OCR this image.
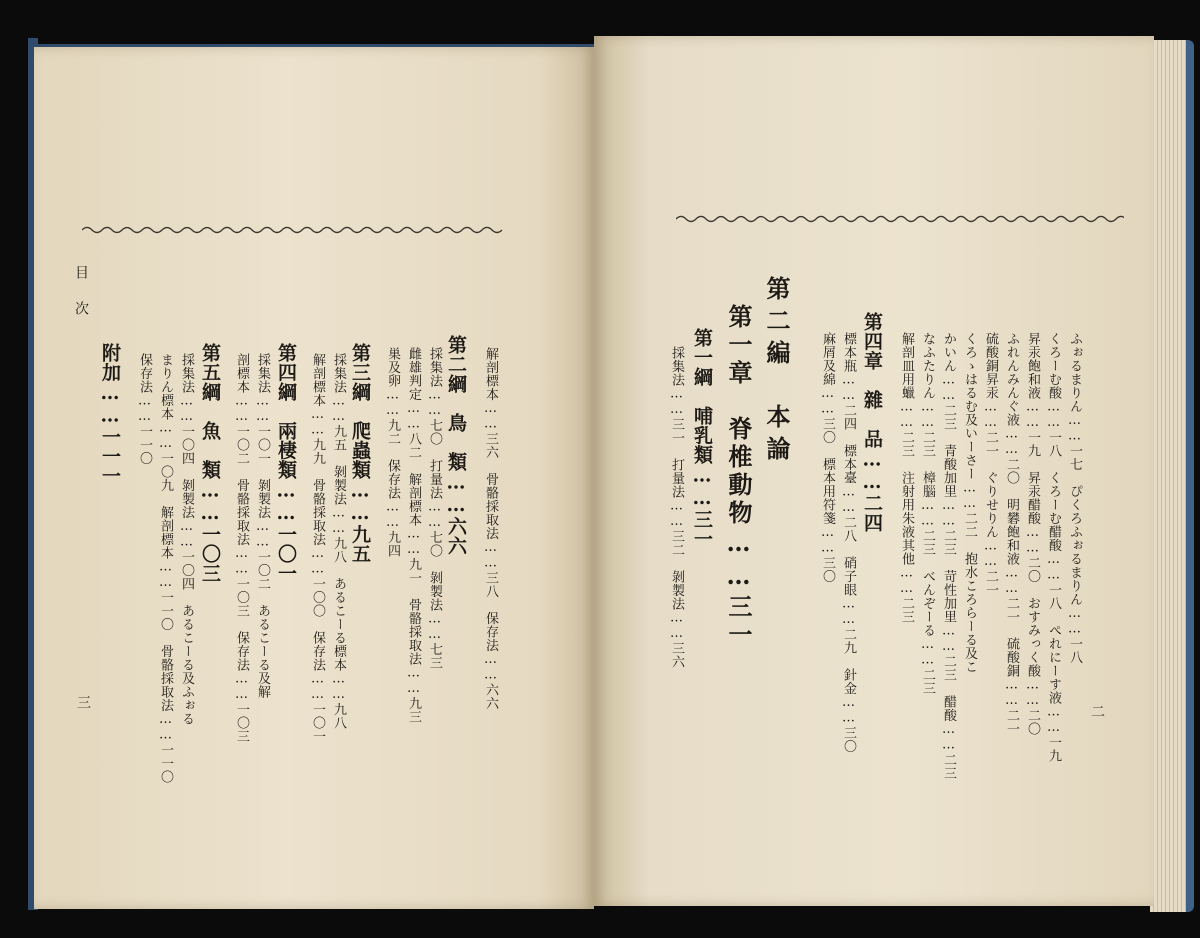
目次
三	解剖標本……三六　骨骼採取法……三八　保存法……六六
第二綱　鳥　類……六六
採集法……七〇　打量法……七〇　剝製法……七三
雌雄判定……八二　解剖標本……九一　骨骼採取法……九三
巣及卵……九二　保存法……九四
第三綱　爬蟲類……九五
採集法……九五　剝製法……九八　あるこーる標本……九八
解剖標本……九九　骨骼採取法……一〇〇　保存法……一〇一
第四綱　兩棲類……一〇一
採集法……一〇一　剝製法……一〇二　あるこーる及解
剖標本……一〇二　骨骼採取法……一〇三　保存法……一〇三
第五綱　魚　類……一〇三
採集法……一〇四　剝製法……一〇四　あるこーる及ふぉる
まりん標本……一〇九　解剖標本……一一〇　骨骼採取法……一一〇
保存法……一一〇
附加……一一一
二
ふぉるまりん……一七　ぴくろふぉるまりん……一八
くろーむ酸……一八　くろーむ醋酸……一八　ぺれにーす液……一九
昇汞飽和液……一九　昇汞醋酸……二〇　おすみっく酸……二〇
ふれんみんぐ液……二〇　明礬飽和液……二一　硫酸銅……二一
硫酸銅昇汞……二一　ぐりせりん……二一
くろゝはるむ及いーさー……二二　抱水ころらーる及こ
かいん……二三　青酸加里……二三　苛性加里……二三　醋酸……二三
なふたりん……二三　樟腦……二三　べんぞーる……二三
解剖皿用蠟……二三　注射用朱液其他……二三
第四章　雜　品……二四
標本瓶……二四　標本臺……二八　硝子眼……二九　針金……三〇
麻屑及綿……三〇　標本用符箋……三〇
第二編　本論
第一章　脊椎動物……三一
第一綱　哺乳類……三一
採集法……三一　打量法……三二　剝製法……三六
